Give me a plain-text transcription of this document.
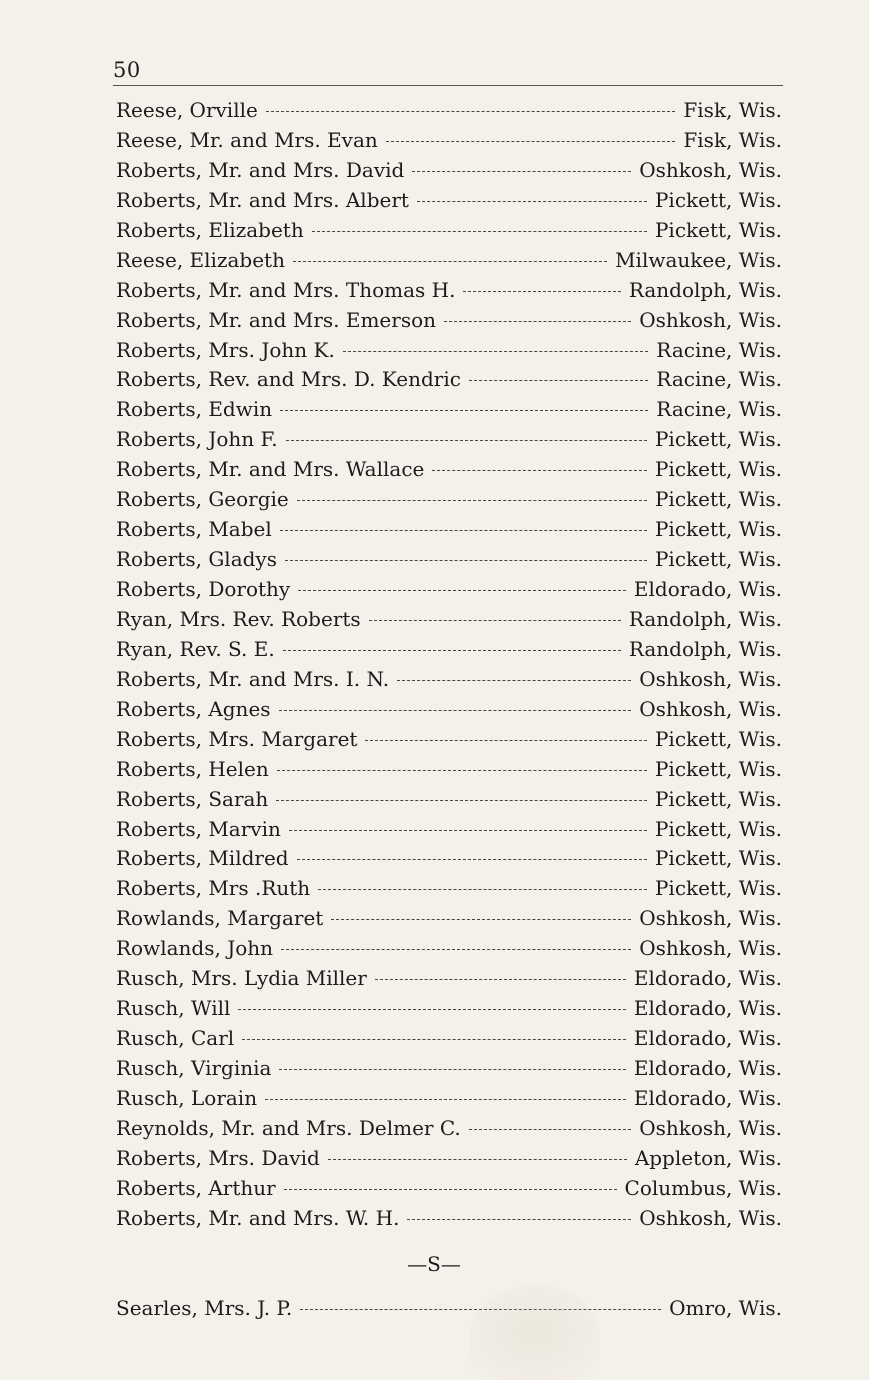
50
Reese, Orville	Fisk, Wis.
Reese, Mr. and Mrs. Evan	Fisk, Wis.
Roberts, Mr. and Mrs. David	Oshkosh, Wis.
Roberts, Mr. and Mrs. Albert	Pickett, Wis.
Roberts, Elizabeth	Pickett, Wis.
Reese, Elizabeth	Milwaukee, Wis.
Roberts, Mr. and Mrs. Thomas H.	Randolph, Wis.
Roberts, Mr. and Mrs. Emerson	Oshkosh, Wis.
Roberts, Mrs. John K.	Racine, Wis.
Roberts, Rev. and Mrs. D. Kendric	Racine, Wis.
Roberts, Edwin	Racine, Wis.
Roberts, John F.	Pickett, Wis.
Roberts, Mr. and Mrs. Wallace	Pickett, Wis.
Roberts, Georgie	Pickett, Wis.
Roberts, Mabel	Pickett, Wis.
Roberts, Gladys	Pickett, Wis.
Roberts, Dorothy	Eldorado, Wis.
Ryan, Mrs. Rev. Roberts	Randolph, Wis.
Ryan, Rev. S. E.	Randolph, Wis.
Roberts, Mr. and Mrs. I. N.	Oshkosh, Wis.
Roberts, Agnes	Oshkosh, Wis.
Roberts, Mrs. Margaret	Pickett, Wis.
Roberts, Helen	Pickett, Wis.
Roberts, Sarah	Pickett, Wis.
Roberts, Marvin	Pickett, Wis.
Roberts, Mildred	Pickett, Wis.
Roberts, Mrs .Ruth	Pickett, Wis.
Rowlands, Margaret	Oshkosh, Wis.
Rowlands, John	Oshkosh, Wis.
Rusch, Mrs. Lydia Miller	Eldorado, Wis.
Rusch, Will	Eldorado, Wis.
Rusch, Carl	Eldorado, Wis.
Rusch, Virginia	Eldorado, Wis.
Rusch, Lorain	Eldorado, Wis.
Reynolds, Mr. and Mrs. Delmer C.	Oshkosh, Wis.
Roberts, Mrs. David	Appleton, Wis.
Roberts, Arthur	Columbus, Wis.
Roberts, Mr. and Mrs. W. H.	Oshkosh, Wis.
—S—
Searles, Mrs. J. P.	Omro, Wis.
